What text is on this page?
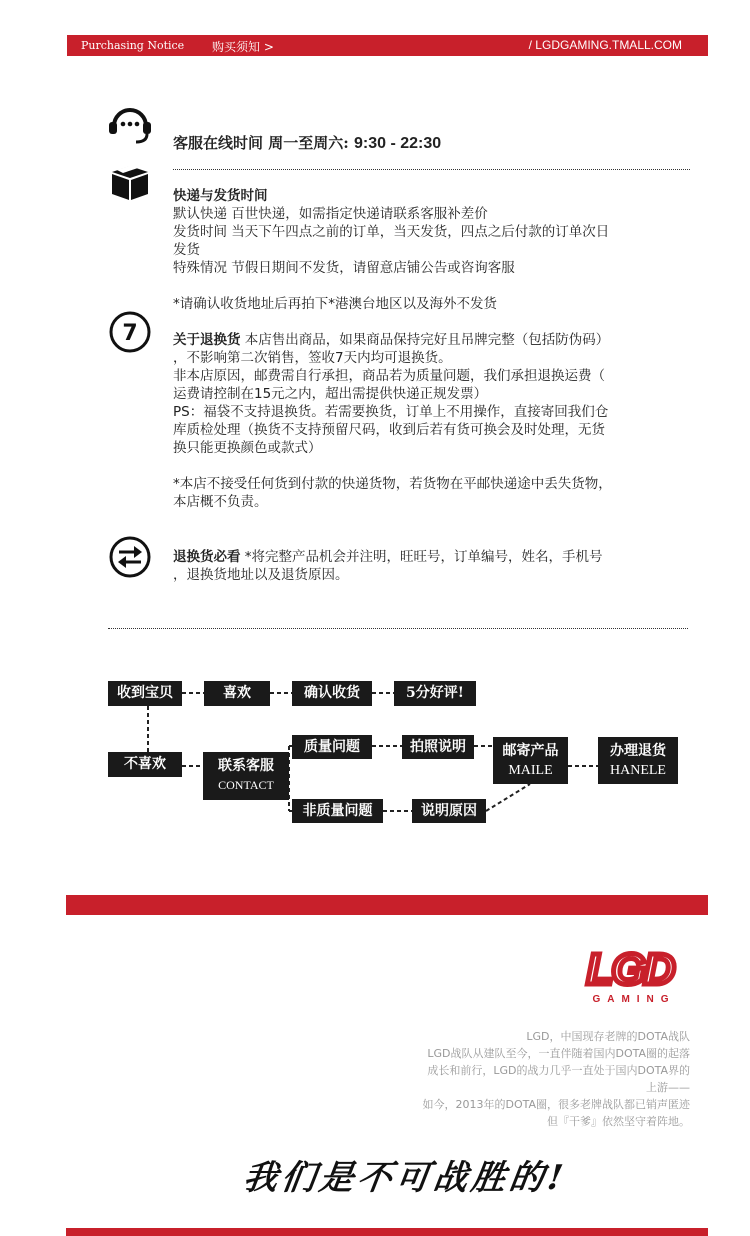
Purchasing Notice 购买须知 >	/ LGDGAMING.TMALL.COM
客服在线时间 周一至周六: 9:30 - 22:30

快递与发货时间

默认快递 百世快递，如需指定快递请联系客服补差价

发货时间 当天下午四点之前的订单，当天发货，四点之后付款的订单次日

发货

特殊情况 节假日期间不发货，请留意店铺公告或咨询客服

*请确认收货地址后再拍下*港澳台地区以及海外不发货

7	关于退换货 本店售出商品，如果商品保持完好且吊牌完整（包括防伪码）

，不影响第二次销售，签收7天内均可退换货。

非本店原因，邮费需自行承担，商品若为质量问题，我们承担退换运费（

运费请控制在15元之内，超出需提供快递正规发票）

PS：福袋不支持退换货。若需要换货，订单上不用操作，直接寄回我们仓

库质检处理（换货不支持预留尺码，收到后若有货可换会及时处理，无货

换只能更换颜色或款式）

*本店不接受任何货到付款的快递货物，若货物在平邮快递途中丢失货物，

本店概不负责。

退换货必看 *将完整产品机会并注明，旺旺号，订单编号，姓名，手机号

，退换货地址以及退货原因。

收到宝贝	喜欢	确认收货	5分好评!
不喜欢	联系客服
CONTACT
质量问题	拍照说明	邮寄产品
MAILE
办理退货
HANELE
非质量问题	说明原因
LGD
GAMING

LGD，中国现存老牌的DOTA战队

LGD战队从建队至今，一直伴随着国内DOTA圈的起落

成长和前行，LGD的战力几乎一直处于国内DOTA界的

上游——

如今，2013年的DOTA圈，很多老牌战队都已销声匿迹

但『干爹』依然坚守着阵地。

我们是不可战胜的!
